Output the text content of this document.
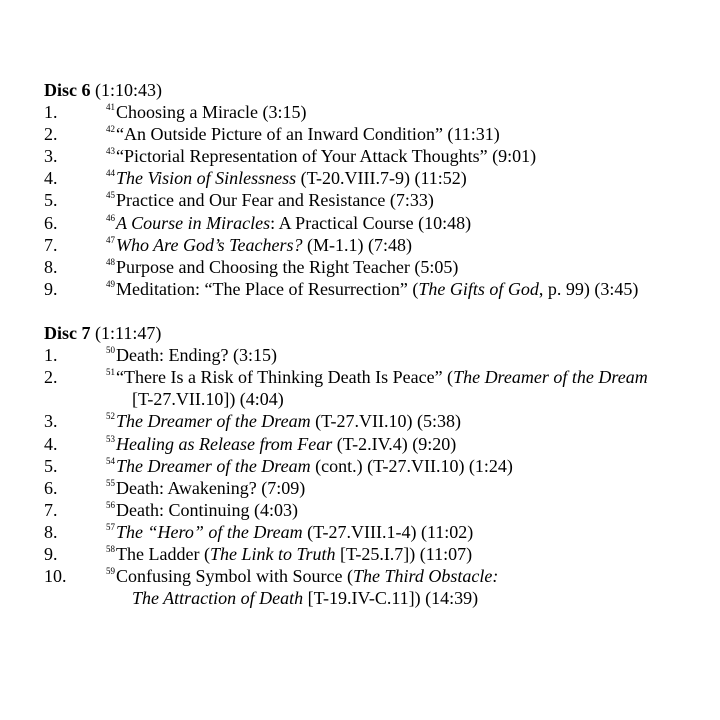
Disc 6 (1:10:43)
1.	$^{41}$Choosing a Miracle (3:15)
2.	$^{42}$“An Outside Picture of an Inward Condition” (11:31)
3.	$^{43}$“Pictorial Representation of Your Attack Thoughts” (9:01)
4.	$^{44}$The Vision of Sinlessness (T-20.VIII.7-9) (11:52)
5.	$^{45}$Practice and Our Fear and Resistance (7:33)
6.	$^{46}$A Course in Miracles: A Practical Course (10:48)
7.	$^{47}$Who Are God’s Teachers? (M-1.1) (7:48)
8.	$^{48}$Purpose and Choosing the Right Teacher (5:05)
9.	$^{49}$Meditation: “The Place of Resurrection” (The Gifts of God, p. 99) (3:45)
Disc 7 (1:11:47)
1.	$^{50}$Death: Ending? (3:15)
2.	$^{51}$“There Is a Risk of Thinking Death Is Peace” (The Dreamer of the Dream
[T-27.VII.10]) (4:04)
3.	$^{52}$The Dreamer of the Dream (T-27.VII.10) (5:38)
4.	$^{53}$Healing as Release from Fear (T-2.IV.4) (9:20)
5.	$^{54}$The Dreamer of the Dream (cont.) (T-27.VII.10) (1:24)
6.	$^{55}$Death: Awakening? (7:09)
7.	$^{56}$Death: Continuing (4:03)
8.	$^{57}$The “Hero” of the Dream (T-27.VIII.1-4) (11:02)
9.	$^{58}$The Ladder (The Link to Truth [T-25.I.7]) (11:07)
10.	$^{59}$Confusing Symbol with Source (The Third Obstacle:
The Attraction of Death [T-19.IV-C.11]) (14:39)
